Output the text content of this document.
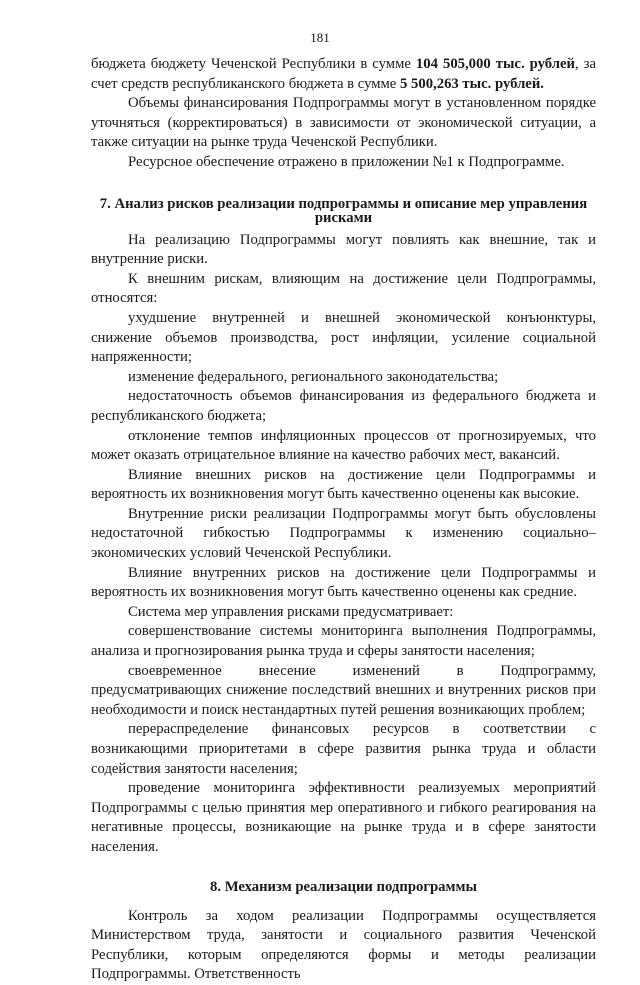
181

бюджета бюджету Чеченской Республики в сумме 104 505,000 тыс. рублей, за счет средств республиканского бюджета в сумме 5 500,263 тыс. рублей.

Объемы финансирования Подпрограммы могут в установленном порядке уточняться (корректироваться) в зависимости от экономической ситуации, а также ситуации на рынке труда Чеченской Республики.

Ресурсное обеспечение отражено в приложении №1 к Подпрограмме.

7. Анализ рисков реализации подпрограммы и описание мер управления рисками

На реализацию Подпрограммы могут повлиять как внешние, так и внутренние риски.

К внешним рискам, влияющим на достижение цели Подпрограммы, относятся:

ухудшение внутренней и внешней экономической конъюнктуры, снижение объемов производства, рост инфляции, усиление социальной напряженности;

изменение федерального, регионального законодательства;

недостаточность объемов финансирования из федерального бюджета и республиканского бюджета;

отклонение темпов инфляционных процессов от прогнозируемых, что может оказать отрицательное влияние на качество рабочих мест, вакансий.

Влияние внешних рисков на достижение цели Подпрограммы и вероятность их возникновения могут быть качественно оценены как высокие.

Внутренние риски реализации Подпрограммы могут быть обусловлены недостаточной гибкостью Подпрограммы к изменению социально–экономических условий Чеченской Республики.

Влияние внутренних рисков на достижение цели Подпрограммы и вероятность их возникновения могут быть качественно оценены как средние.

Система мер управления рисками предусматривает:

совершенствование системы мониторинга выполнения Подпрограммы, анализа и прогнозирования рынка труда и сферы занятости населения;

своевременное внесение изменений в Подпрограмму, предусматривающих снижение последствий внешних и внутренних рисков при необходимости и поиск нестандартных путей решения возникающих проблем;

перераспределение финансовых ресурсов в соответствии с возникающими приоритетами в сфере развития рынка труда и области содействия занятости населения;

проведение мониторинга эффективности реализуемых мероприятий Подпрограммы с целью принятия мер оперативного и гибкого реагирования на негативные процессы, возникающие на рынке труда и в сфере занятости населения.

8. Механизм реализации подпрограммы

Контроль за ходом реализации Подпрограммы осуществляется Министерством труда, занятости и социального развития Чеченской Республики, которым определяются формы и методы реализации Подпрограммы. Ответственность
